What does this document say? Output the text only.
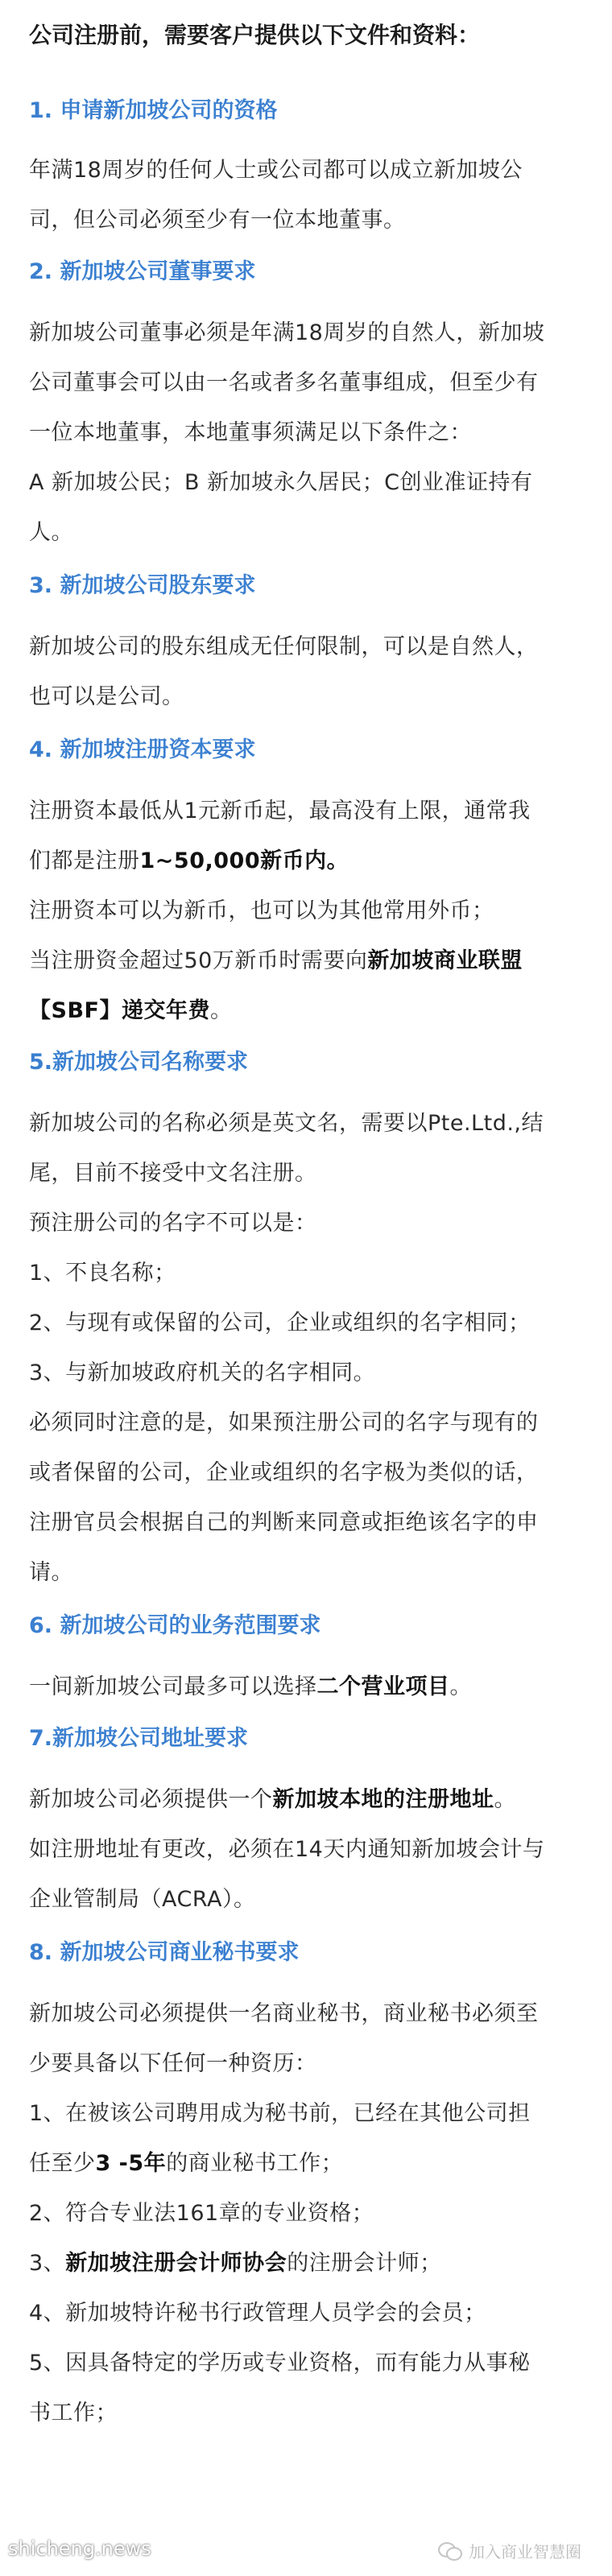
公司注册前，需要客户提供以下文件和资料：
1. 申请新加坡公司的资格
年满18周岁的任何人士或公司都可以成立新加坡公
司，但公司必须至少有一位本地董事。
2. 新加坡公司董事要求
新加坡公司董事必须是年满18周岁的自然人，新加坡
公司董事会可以由一名或者多名董事组成，但至少有
一位本地董事，本地董事须满足以下条件之：
A 新加坡公民；B 新加坡永久居民；C创业准证持有
人。
3. 新加坡公司股东要求
新加坡公司的股东组成无任何限制，可以是自然人，
也可以是公司。
4. 新加坡注册资本要求
注册资本最低从1元新币起，最高没有上限，通常我
们都是注册1~50,000新币内。
注册资本可以为新币，也可以为其他常用外币；
当注册资金超过50万新币时需要向新加坡商业联盟
【SBF】递交年费。
5.新加坡公司名称要求
新加坡公司的名称必须是英文名，需要以Pte.Ltd.,结
尾，目前不接受中文名注册。
预注册公司的名字不可以是：
1、不良名称；
2、与现有或保留的公司，企业或组织的名字相同；
3、与新加坡政府机关的名字相同。
必须同时注意的是，如果预注册公司的名字与现有的
或者保留的公司，企业或组织的名字极为类似的话，
注册官员会根据自己的判断来同意或拒绝该名字的申
请。
6. 新加坡公司的业务范围要求
一间新加坡公司最多可以选择二个营业项目。
7.新加坡公司地址要求
新加坡公司必须提供一个新加坡本地的注册地址。
如注册地址有更改，必须在14天内通知新加坡会计与
企业管制局（ACRA）。
8. 新加坡公司商业秘书要求
新加坡公司必须提供一名商业秘书，商业秘书必须至
少要具备以下任何一种资历：
1、在被该公司聘用成为秘书前，已经在其他公司担
任至少3 -5年的商业秘书工作；
2、符合专业法161章的专业资格；
3、新加坡注册会计师协会的注册会计师；
4、新加坡特许秘书行政管理人员学会的会员；
5、因具备特定的学历或专业资格，而有能力从事秘
书工作；
shicheng.news	加入商业智慧圈
